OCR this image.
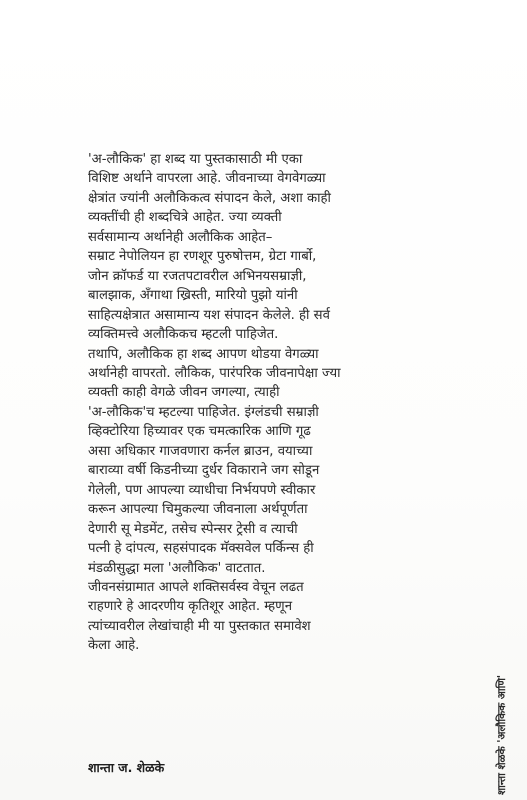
'अ-लौकिक' हा शब्द या पुस्तकासाठी मी एका
विशिष्ट अर्थाने वापरला आहे. जीवनाच्या वेगवेगळ्या
क्षेत्रांत ज्यांनी अलौकिकत्व संपादन केले, अशा काही
व्यक्तींची ही शब्दचित्रे आहेत. ज्या व्यक्ती
सर्वसामान्य अर्थानेही अलौकिक आहेत–
सम्राट नेपोलियन हा रणशूर पुरुषोत्तम, ग्रेटा गार्बो,
जोन क्रॉफर्ड या रजतपटावरील अभिनयसम्राज्ञी,
बालझाक, अँगाथा ख्रिस्ती, मारियो पुझो यांनी
साहित्यक्षेत्रात असामान्य यश संपादन केलेले. ही सर्व
व्यक्तिमत्त्वे अलौकिकच म्हटली पाहिजेत.
तथापि, अलौकिक हा शब्द आपण थोडया वेगळ्या
अर्थानेही वापरतो. लौकिक, पारंपरिक जीवनापेक्षा ज्या
व्यक्ती काही वेगळे जीवन जगल्या, त्याही
'अ-लौकिक'च म्हटल्या पाहिजेत. इंग्लंडची सम्राज्ञी
व्हिक्टोरिया हिच्यावर एक चमत्कारिक आणि गूढ
असा अधिकार गाजवणारा कर्नल ब्राउन, वयाच्या
बाराव्या वर्षी किडनीच्या दुर्धर विकाराने जग सोडून
गेलेली, पण आपल्या व्याधीचा निर्भयपणे स्वीकार
करून आपल्या चिमुकल्या जीवनाला अर्थपूर्णता
देणारी सू मेडमेंट, तसेच स्पेन्सर ट्रेसी व त्याची
पत्नी हे दांपत्य, सहसंपादक मॅक्सवेल पर्किन्स ही
मंडळीसुद्धा मला 'अलौकिक' वाटतात.
जीवनसंग्रामात आपले शक्तिसर्वस्व वेचून लढत
राहणारे हे आदरणीय कृतिशूर आहेत. म्हणून
त्यांच्यावरील लेखांचाही मी या पुस्तकात समावेश
केला आहे.
शान्ता ज. शेळके	शान्ता शेळके 'अलौकिक आणि'
